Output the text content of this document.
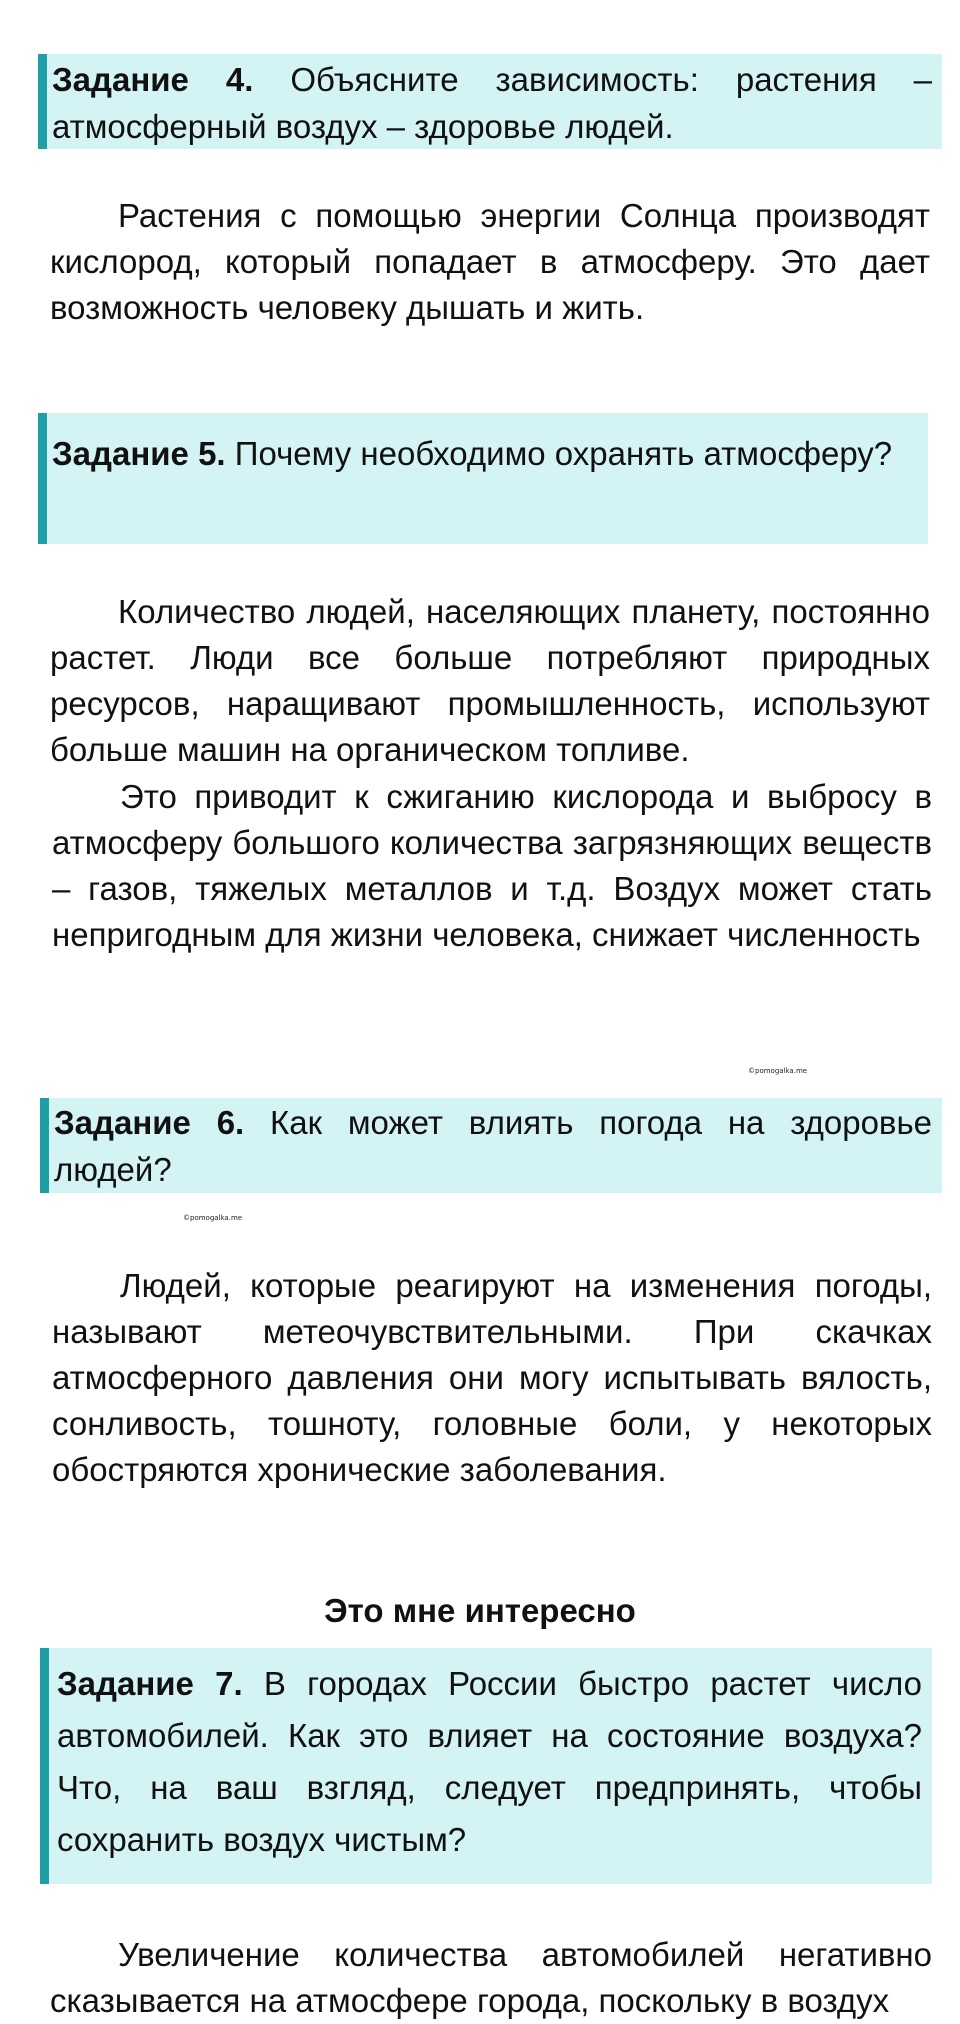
Задание 4. Объясните зависимость: растения – атмосферный воздух – здоровье людей.

Растения с помощью энергии Солнца производят кислород, который попадает в атмосферу. Это дает возможность человеку дышать и жить.

Задание 5. Почему необходимо охранять атмосферу?

Количество людей, населяющих планету, постоянно растет. Люди все больше потребляют природных ресурсов, наращивают промышленность, используют больше машин на органическом топливе.

Это приводит к сжиганию кислорода и выбросу в атмосферу большого количества загрязняющих веществ – газов, тяжелых металлов и т.д. Воздух может стать непригодным для жизни человека, снижает численность

©pomogalka.me
Задание 6. Как может влиять погода на здоровье людей?
©pomogalka.me

Людей, которые реагируют на изменения погоды, называют метеочувствительными. При скачках атмосферного давления они могу испытывать вялость, сонливость, тошноту, головные боли, у некоторых обостряются хронические заболевания.

Это мне интересно
Задание 7. В городах России быстро растет число автомобилей. Как это влияет на состояние воздуха? Что, на ваш взгляд, следует предпринять, чтобы сохранить воздух чистым?

Увеличение количества автомобилей негативно сказывается на атмосфере города, поскольку в воздух
